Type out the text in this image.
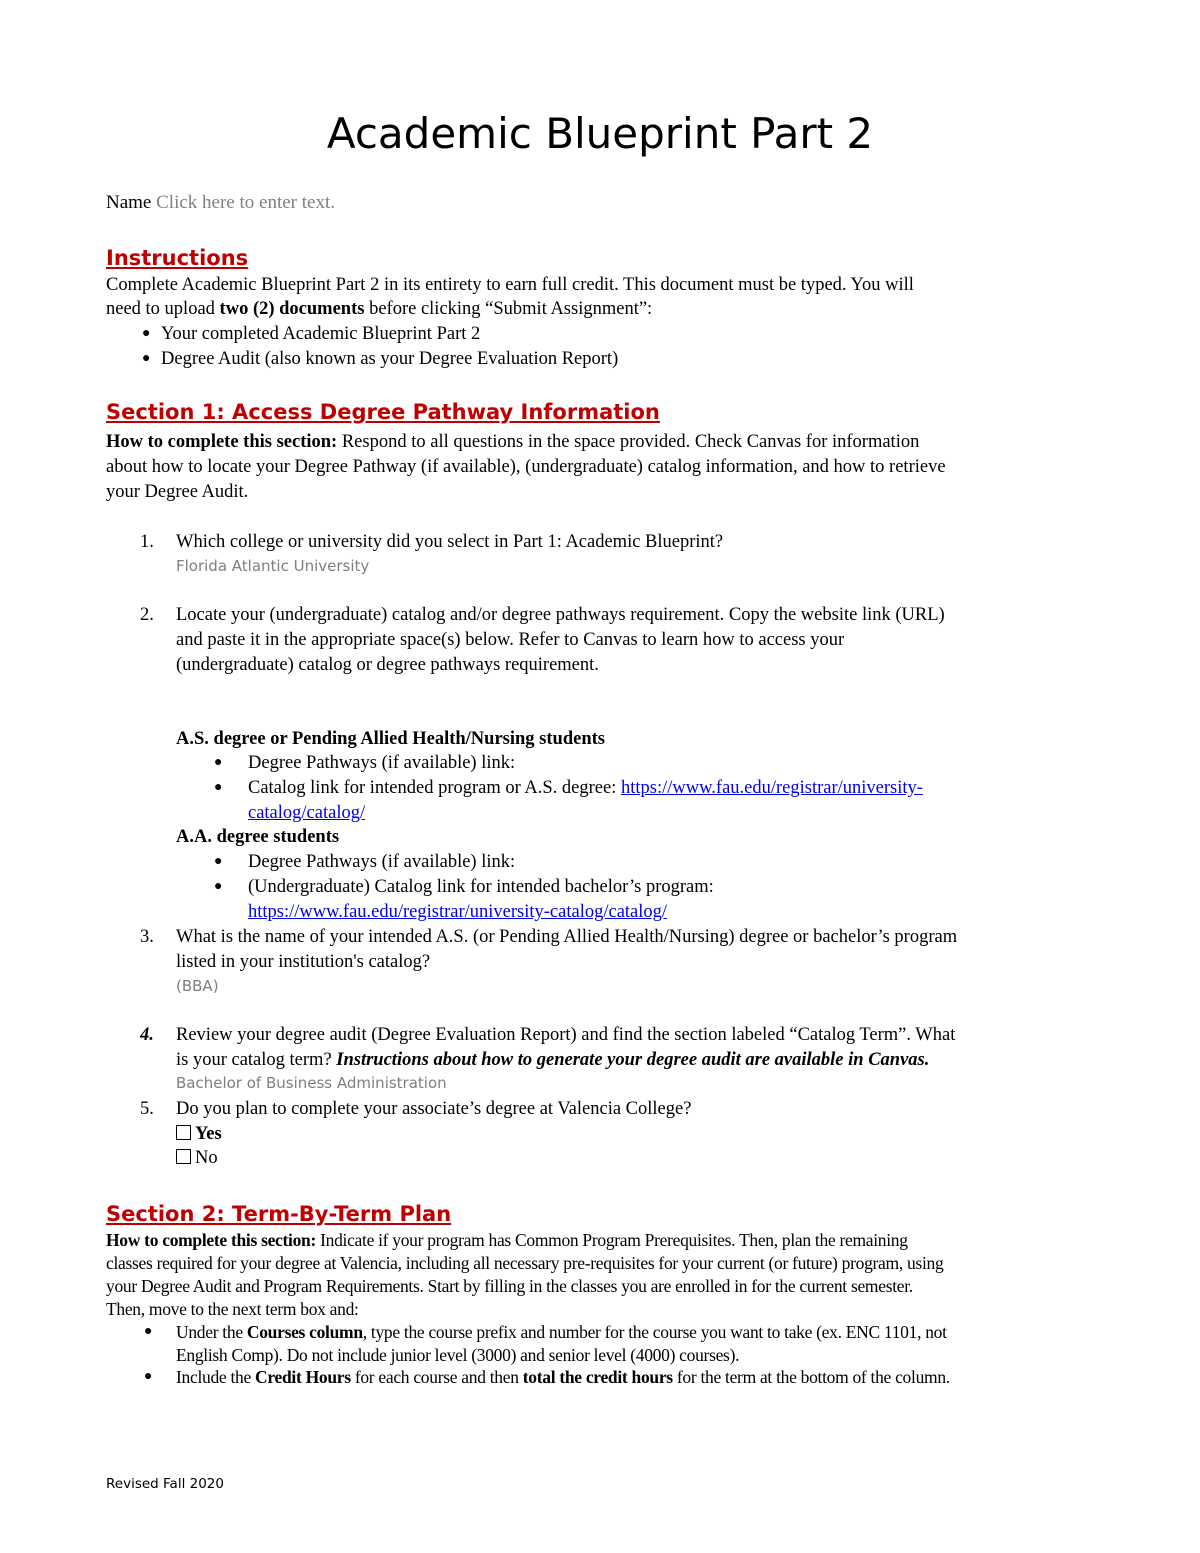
Academic Blueprint Part 2
Name Click here to enter text.
Instructions
Complete Academic Blueprint Part 2 in its entirety to earn full credit. This document must be typed. You will
need to upload two (2) documents before clicking “Submit Assignment”:
● Your completed Academic Blueprint Part 2
● Degree Audit (also known as your Degree Evaluation Report)
Section 1: Access Degree Pathway Information
How to complete this section: Respond to all questions in the space provided. Check Canvas for information
about how to locate your Degree Pathway (if available), (undergraduate) catalog information, and how to retrieve
your Degree Audit.
1. Which college or university did you select in Part 1: Academic Blueprint?
Florida Atlantic University
2. Locate your (undergraduate) catalog and/or degree pathways requirement. Copy the website link (URL)
and paste it in the appropriate space(s) below. Refer to Canvas to learn how to access your
(undergraduate) catalog or degree pathways requirement.
A.S. degree or Pending Allied Health/Nursing students
● Degree Pathways (if available) link:
● Catalog link for intended program or A.S. degree: https://www.fau.edu/registrar/university-
catalog/catalog/
A.A. degree students
● Degree Pathways (if available) link:
● (Undergraduate) Catalog link for intended bachelor’s program:
https://www.fau.edu/registrar/university-catalog/catalog/
3. What is the name of your intended A.S. (or Pending Allied Health/Nursing) degree or bachelor’s program
listed in your institution's catalog?
(BBA)
4. Review your degree audit (Degree Evaluation Report) and find the section labeled “Catalog Term”. What
is your catalog term? Instructions about how to generate your degree audit are available in Canvas.
Bachelor of Business Administration
5. Do you plan to complete your associate’s degree at Valencia College?
Yes
No
Section 2: Term-By-Term Plan
How to complete this section: Indicate if your program has Common Program Prerequisites. Then, plan the remaining
classes required for your degree at Valencia, including all necessary pre-requisites for your current (or future) program, using
your Degree Audit and Program Requirements. Start by filling in the classes you are enrolled in for the current semester.
Then, move to the next term box and:
● Under the Courses column, type the course prefix and number for the course you want to take (ex. ENC 1101, not
English Comp). Do not include junior level (3000) and senior level (4000) courses).
● Include the Credit Hours for each course and then total the credit hours for the term at the bottom of the column.
Revised Fall 2020
